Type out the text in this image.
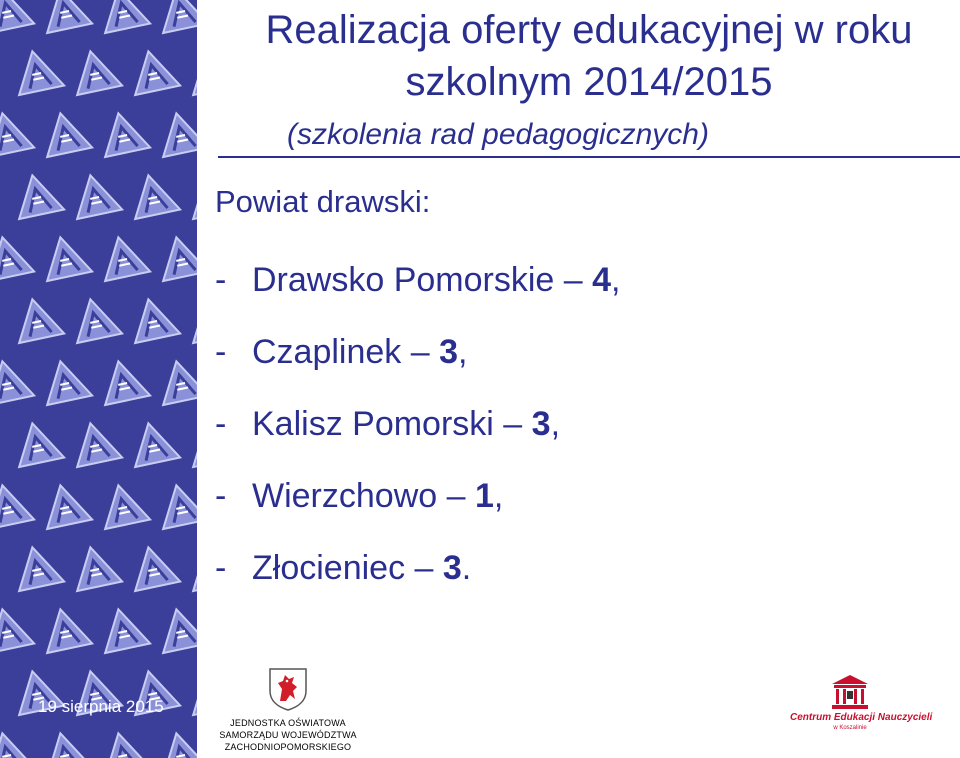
19 sierpnia 2015
Realizacja oferty edukacyjnej w roku szkolnym 2014/2015
(szkolenia rad pedagogicznych)
Powiat drawski:
- Drawsko Pomorskie – 4,
- Czaplinek – 3,
- Kalisz Pomorski – 3,
- Wierzchowo – 1,
- Złocieniec – 3.
JEDNOSTKA OŚWIATOWA
SAMORZĄDU WOJEWÓDZTWA
ZACHODNIOPOMORSKIEGO
Centrum Edukacji Nauczycieli
w Koszalinie
